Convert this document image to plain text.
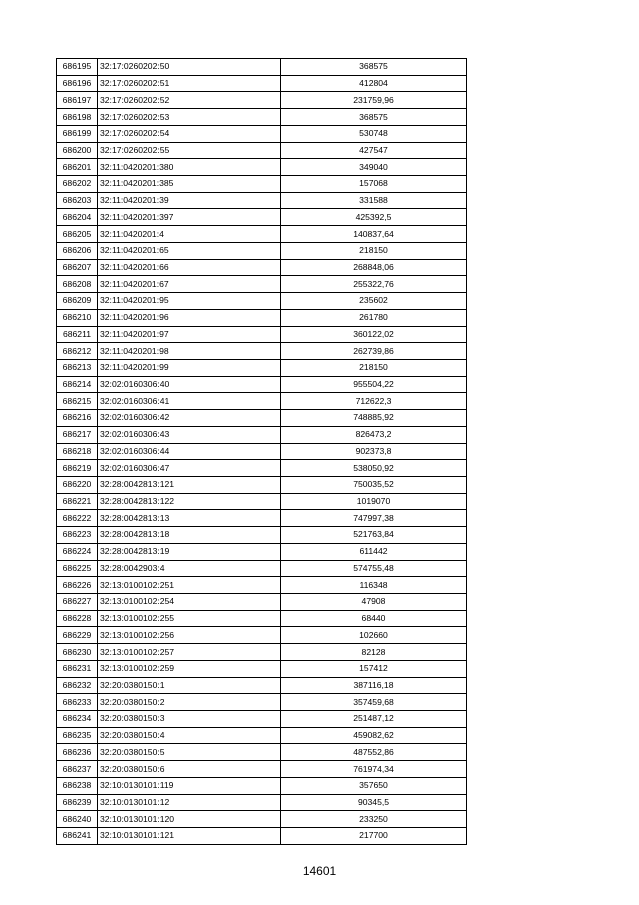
686195	32:17:0260202:50	368575
686196	32:17:0260202:51	412804
686197	32:17:0260202:52	231759,96
686198	32:17:0260202:53	368575
686199	32:17:0260202:54	530748
686200	32:17:0260202:55	427547
686201	32:11:0420201:380	349040
686202	32:11:0420201:385	157068
686203	32:11:0420201:39	331588
686204	32:11:0420201:397	425392,5
686205	32:11:0420201:4	140837,64
686206	32:11:0420201:65	218150
686207	32:11:0420201:66	268848,06
686208	32:11:0420201:67	255322,76
686209	32:11:0420201:95	235602
686210	32:11:0420201:96	261780
686211	32:11:0420201:97	360122,02
686212	32:11:0420201:98	262739,86
686213	32:11:0420201:99	218150
686214	32:02:0160306:40	955504,22
686215	32:02:0160306:41	712622,3
686216	32:02:0160306:42	748885,92
686217	32:02:0160306:43	826473,2
686218	32:02:0160306:44	902373,8
686219	32:02:0160306:47	538050,92
686220	32:28:0042813:121	750035,52
686221	32:28:0042813:122	1019070
686222	32:28:0042813:13	747997,38
686223	32:28:0042813:18	521763,84
686224	32:28:0042813:19	611442
686225	32:28:0042903:4	574755,48
686226	32:13:0100102:251	116348
686227	32:13:0100102:254	47908
686228	32:13:0100102:255	68440
686229	32:13:0100102:256	102660
686230	32:13:0100102:257	82128
686231	32:13:0100102:259	157412
686232	32:20:0380150:1	387116,18
686233	32:20:0380150:2	357459,68
686234	32:20:0380150:3	251487,12
686235	32:20:0380150:4	459082,62
686236	32:20:0380150:5	487552,86
686237	32:20:0380150:6	761974,34
686238	32:10:0130101:119	357650
686239	32:10:0130101:12	90345,5
686240	32:10:0130101:120	233250
686241	32:10:0130101:121	217700
14601
